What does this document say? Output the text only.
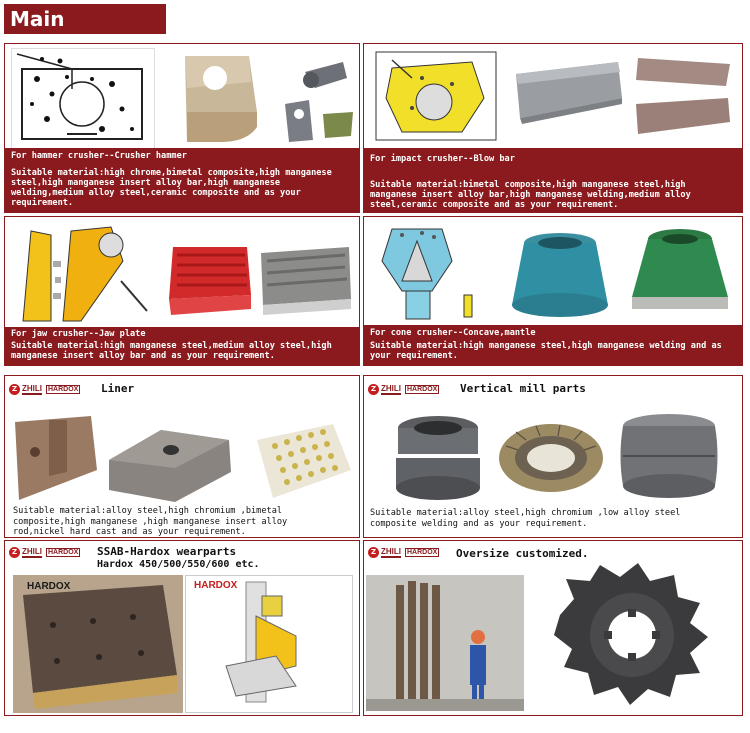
Main
For hammer crusher--Crusher hammer
Suitable material:high chrome,bimetal composite,high manganese steel,high manganese insert alloy bar,high manganese welding,medium alloy steel,ceramic composite and as your requirement.
For impact crusher--Blow bar
Suitable material:bimetal composite,high manganese steel,high manganese insert alloy bar,high manganese welding,medium alloy steel,ceramic composite and as your requirement.
For jaw crusher--Jaw plate
Suitable material:high manganese steel,medium alloy steel,high manganese insert alloy bar and as your requirement.
For cone crusher--Concave,mantle
Suitable material:high manganese steel,high manganese welding and as your requirement.
Z ZHILI HARDOX Liner
Suitable material:alloy steel,high chromium ,bimetal composite,high manganese ,high manganese insert alloy rod,nickel hard cast and as your requirement.
Z ZHILI HARDOX Vertical mill parts
Suitable material:alloy steel,high chromium ,low alloy steel composite welding and as your requirement.
Z ZHILI HARDOX SSAB-Hardox wearparts
Hardox 450/500/550/600 etc.
HARDOX	HARDOX
Z ZHILI HARDOX Oversize customized.
